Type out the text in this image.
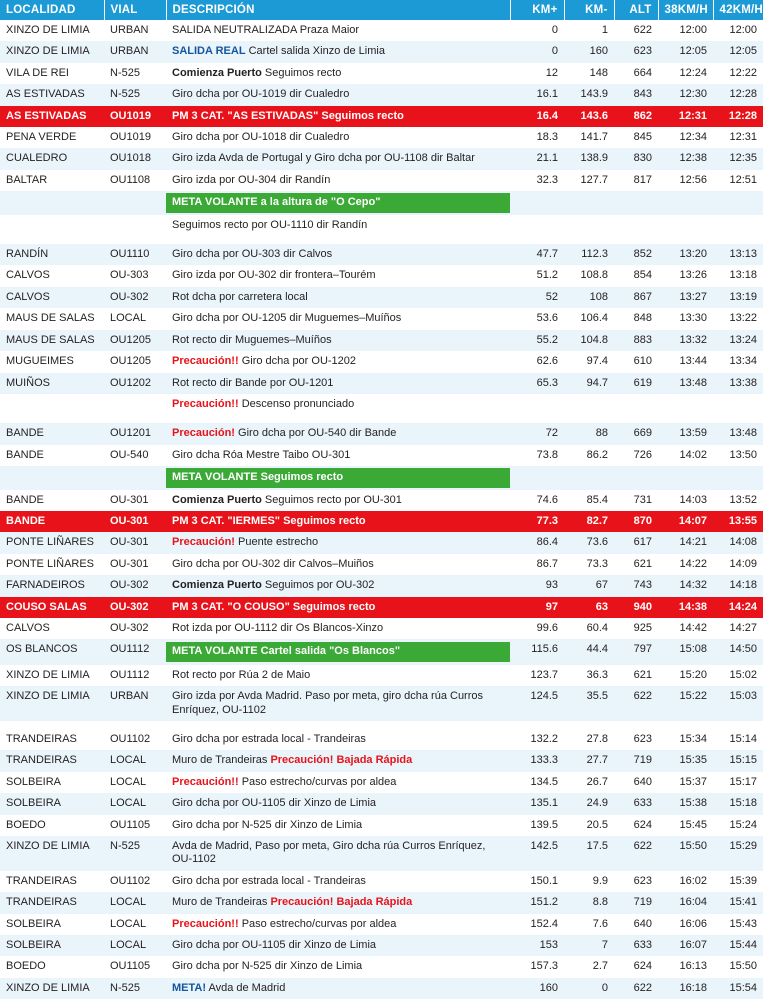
LOCALIDAD	VIAL	DESCRIPCIÓN	KM+	KM-	ALT	38KM/H	42KM/H
XINZO DE LIMIA	URBAN	SALIDA NEUTRALIZADA Praza Maior	0	1	622	12:00	12:00
XINZO DE LIMIA	URBAN	SALIDA REAL Cartel salida Xinzo de Limia	0	160	623	12:05	12:05
VILA DE REI	N-525	Comienza Puerto Seguimos recto	12	148	664	12:24	12:22
AS ESTIVADAS	N-525	Giro dcha por OU-1019 dir Cualedro	16.1	143.9	843	12:30	12:28
AS ESTIVADAS	OU1019	PM 3 CAT. "AS ESTIVADAS" Seguimos recto	16.4	143.6	862	12:31	12:28
PENA VERDE	OU1019	Giro dcha por OU-1018 dir Cualedro	18.3	141.7	845	12:34	12:31
CUALEDRO	OU1018	Giro izda Avda de Portugal y Giro dcha por OU-1108 dir Baltar	21.1	138.9	830	12:38	12:35
BALTAR	OU1108	Giro izda por OU-304 dir Randín	32.3	127.7	817	12:56	12:51

		META VOLANTE a la altura de "O Cepo"					

		Seguimos recto por OU-1110 dir Randín					

RANDÍN	OU1110	Giro dcha por OU-303 dir Calvos	47.7	112.3	852	13:20	13:13
CALVOS	OU-303	Giro izda por OU-302 dir frontera–Tourém	51.2	108.8	854	13:26	13:18
CALVOS	OU-302	Rot dcha por carretera local	52	108	867	13:27	13:19
MAUS DE SALAS	LOCAL	Giro dcha por OU-1205 dir Muguemes–Muíños	53.6	106.4	848	13:30	13:22
MAUS DE SALAS	OU1205	Rot recto dir Muguemes–Muíños	55.2	104.8	883	13:32	13:24
MUGUEIMES	OU1205	Precaución!! Giro dcha por OU-1202	62.6	97.4	610	13:44	13:34
MUIÑOS	OU1202	Rot recto dir Bande por OU-1201	65.3	94.7	619	13:48	13:38
		Precaución!! Descenso pronunciado					

BANDE	OU1201	Precaución! Giro dcha por OU-540 dir Bande	72	88	669	13:59	13:48
BANDE	OU-540	Giro dcha Róa Mestre Taibo OU-301	73.8	86.2	726	14:02	13:50

		META VOLANTE Seguimos recto					

BANDE	OU-301	Comienza Puerto Seguimos recto por OU-301	74.6	85.4	731	14:03	13:52
BANDE	OU-301	PM 3 CAT. "IERMES" Seguimos recto	77.3	82.7	870	14:07	13:55
PONTE LIÑARES	OU-301	Precaución! Puente estrecho	86.4	73.6	617	14:21	14:08
PONTE LIÑARES	OU-301	Giro dcha por OU-302 dir Calvos–Muiños	86.7	73.3	621	14:22	14:09
FARNADEIROS	OU-302	Comienza Puerto Seguimos por OU-302	93	67	743	14:32	14:18
COUSO SALAS	OU-302	PM 3 CAT. "O COUSO" Seguimos recto	97	63	940	14:38	14:24
CALVOS	OU-302	Rot izda por OU-1112 dir Os Blancos-Xinzo	99.6	60.4	925	14:42	14:27
OS BLANCOS	OU1112	META VOLANTE Cartel salida "Os Blancos"	115.6	44.4	797	15:08	14:50
XINZO DE LIMIA	OU1112	Rot recto por Rúa 2 de Maio	123.7	36.3	621	15:20	15:02
XINZO DE LIMIA	URBAN	Giro izda por Avda Madrid. Paso por meta, giro dcha rúa Curros Enríquez, OU-1102	124.5	35.5	622	15:22	15:03

TRANDEIRAS	OU1102	Giro dcha por estrada local - Trandeiras	132.2	27.8	623	15:34	15:14
TRANDEIRAS	LOCAL	Muro de Trandeiras Precaución! Bajada Rápida	133.3	27.7	719	15:35	15:15
SOLBEIRA	LOCAL	Precaución!! Paso estrecho/curvas por aldea	134.5	26.7	640	15:37	15:17
SOLBEIRA	LOCAL	Giro dcha por OU-1105 dir Xinzo de Limia	135.1	24.9	633	15:38	15:18
BOEDO	OU1105	Giro dcha por N-525 dir Xinzo de Limia	139.5	20.5	624	15:45	15:24
XINZO DE LIMIA	N-525	Avda de Madrid, Paso por meta, Giro dcha rúa Curros Enríquez, OU-1102	142.5	17.5	622	15:50	15:29
TRANDEIRAS	OU1102	Giro dcha por estrada local - Trandeiras	150.1	9.9	623	16:02	15:39
TRANDEIRAS	LOCAL	Muro de Trandeiras Precaución! Bajada Rápida	151.2	8.8	719	16:04	15:41
SOLBEIRA	LOCAL	Precaución!! Paso estrecho/curvas por aldea	152.4	7.6	640	16:06	15:43
SOLBEIRA	LOCAL	Giro dcha por OU-1105 dir Xinzo de Limia	153	7	633	16:07	15:44
BOEDO	OU1105	Giro dcha por N-525 dir Xinzo de Limia	157.3	2.7	624	16:13	15:50
XINZO DE LIMIA	N-525	META! Avda de Madrid	160	0	622	16:18	15:54
